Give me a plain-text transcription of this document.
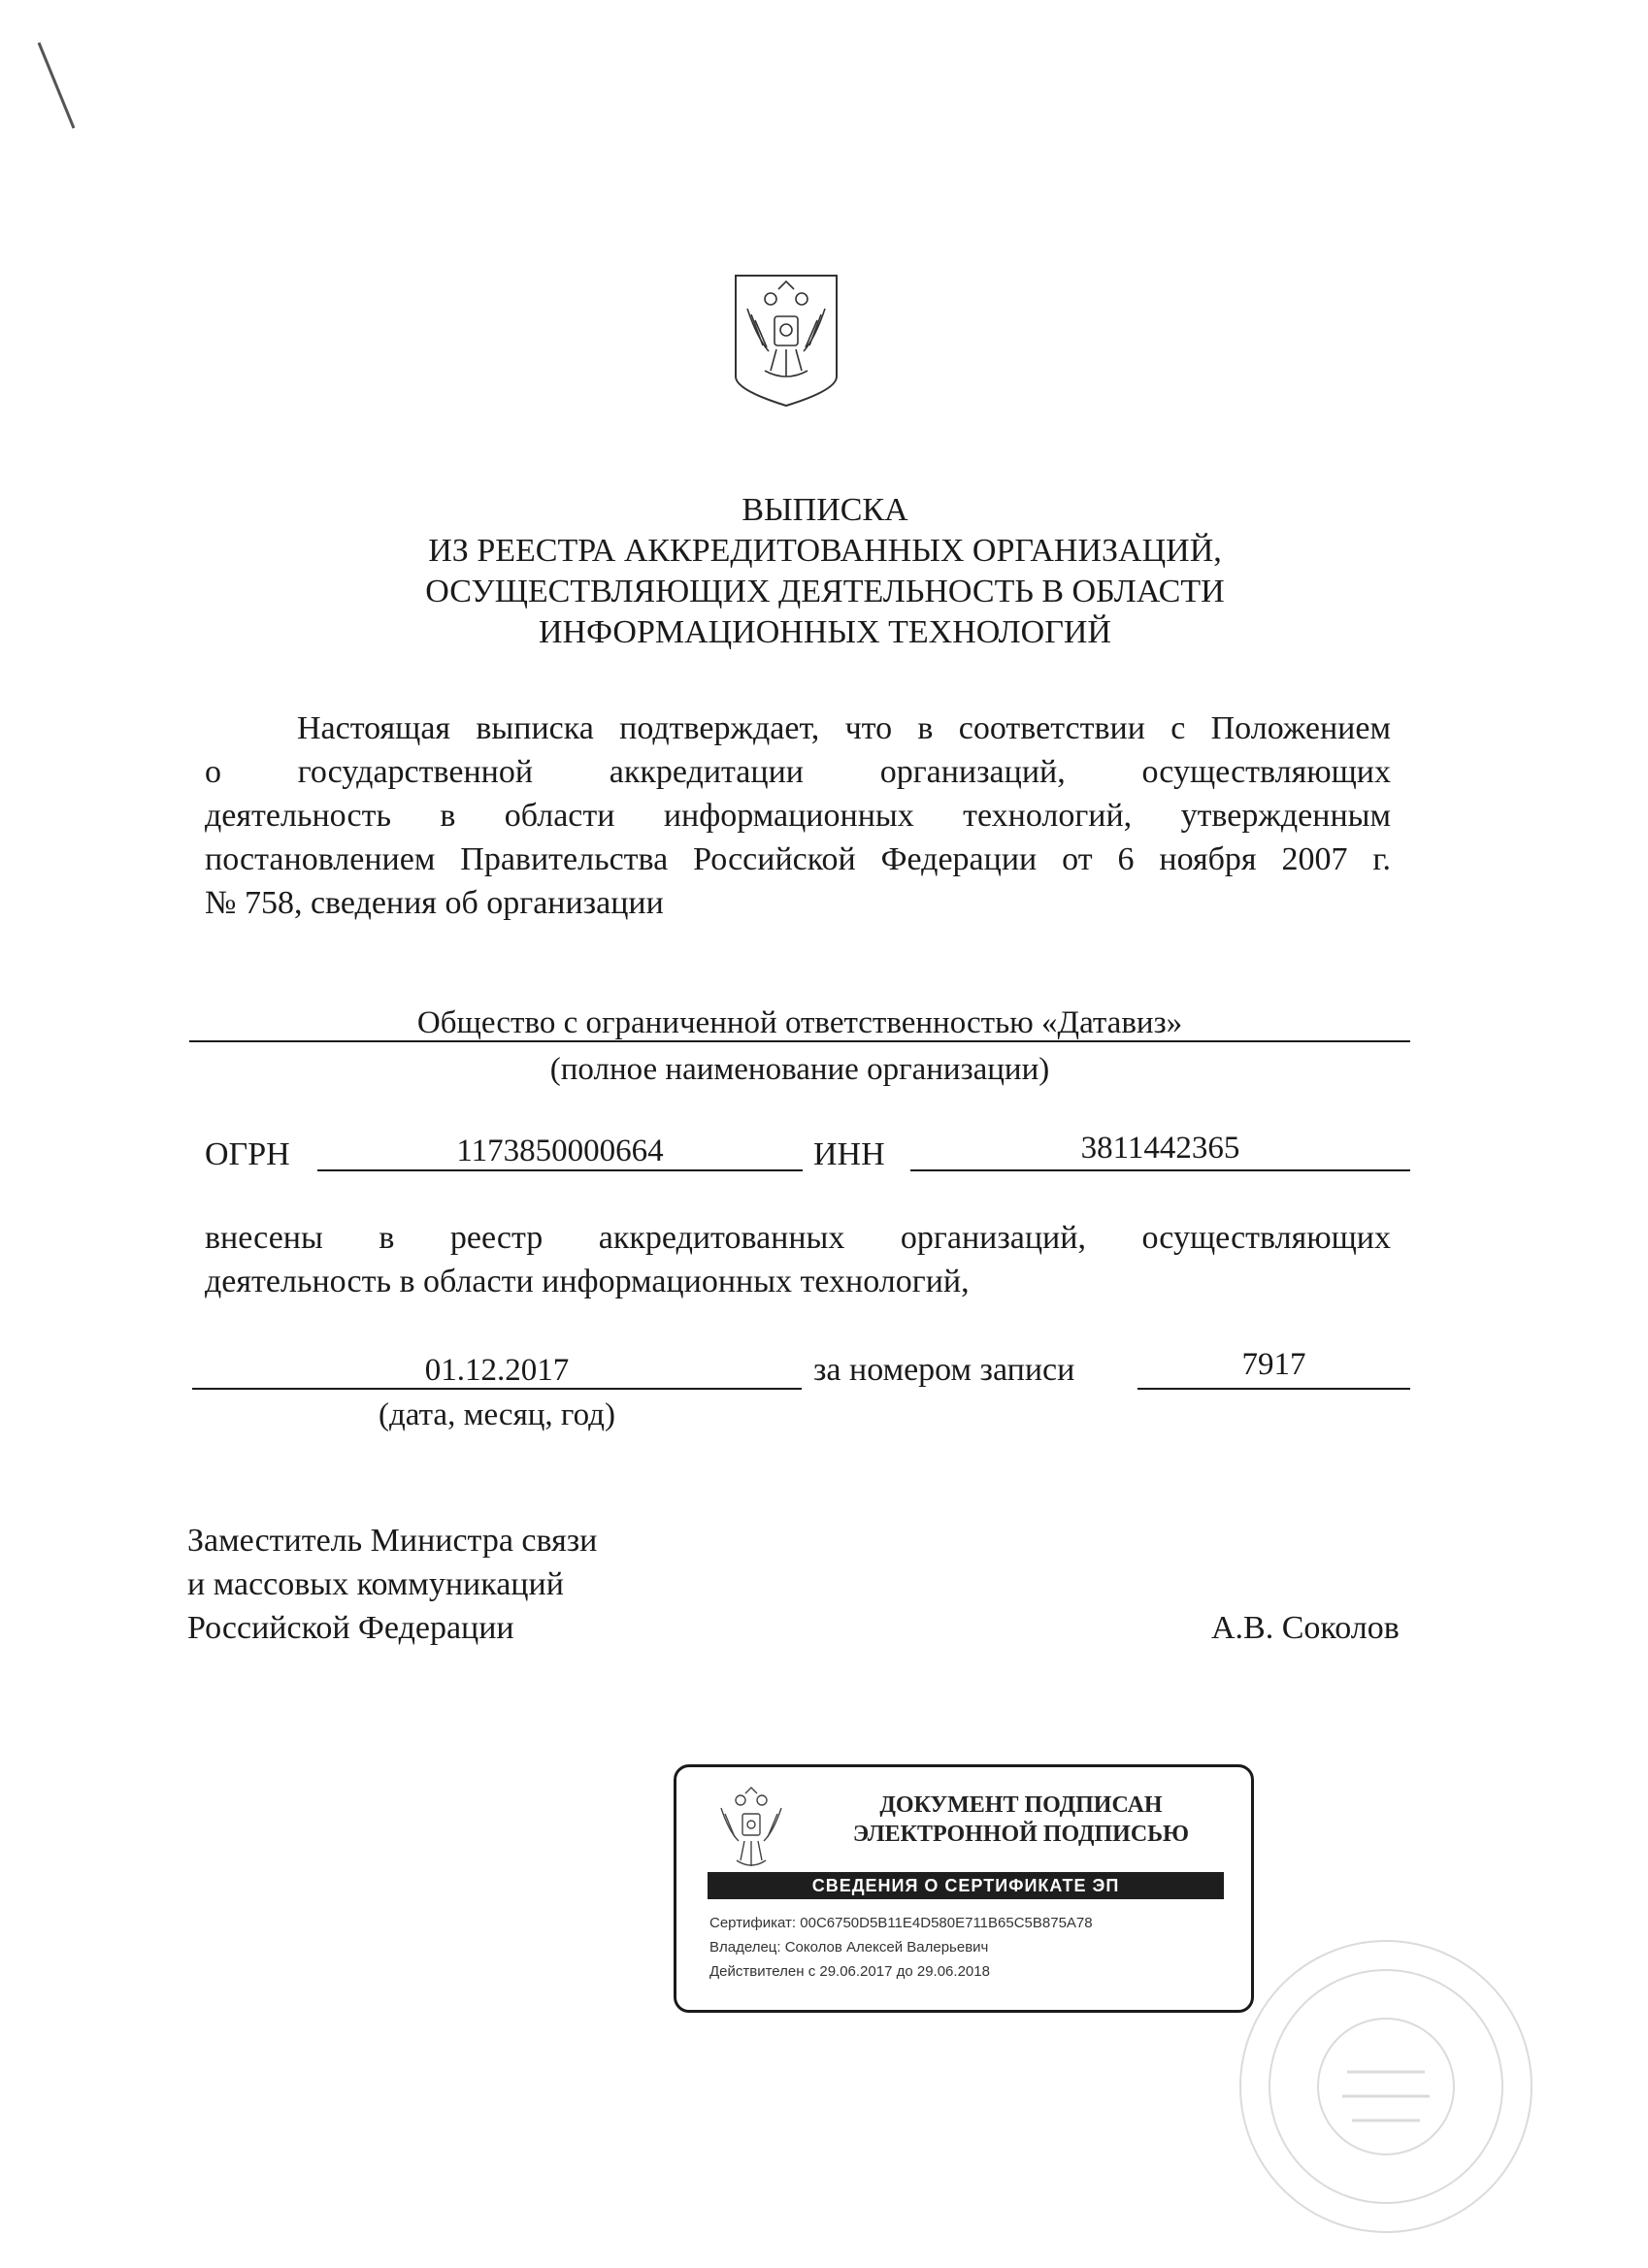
ВЫПИСКА
ИЗ РЕЕСТРА АККРЕДИТОВАННЫХ ОРГАНИЗАЦИЙ,
ОСУЩЕСТВЛЯЮЩИХ ДЕЯТЕЛЬНОСТЬ В ОБЛАСТИ
ИНФОРМАЦИОННЫХ ТЕХНОЛОГИЙ
Настоящая выписка подтверждает, что в соответствии с Положением
о государственной аккредитации организаций, осуществляющих
деятельность в области информационных технологий, утвержденным
постановлением Правительства Российской Федерации от 6 ноября 2007 г.
№ 758, сведения об организации
Общество с ограниченной ответственностью «Датавиз»
(полное наименование организации)
ОГРН	1173850000664	ИНН	3811442365
внесены в реестр аккредитованных организаций, осуществляющих
деятельность в области информационных технологий,
01.12.2017
(дата, месяц, год)
за номером записи	7917
Заместитель Министра связи
и массовых коммуникаций
Российской Федерации	А.В. Соколов
ДОКУМЕНТ ПОДПИСАН
ЭЛЕКТРОННОЙ ПОДПИСЬЮ
СВЕДЕНИЯ О СЕРТИФИКАТЕ ЭП
Сертификат: 00C6750D5B11E4D580E711B65C5B875A78
Владелец: Соколов Алексей Валерьевич
Действителен с 29.06.2017 до 29.06.2018
